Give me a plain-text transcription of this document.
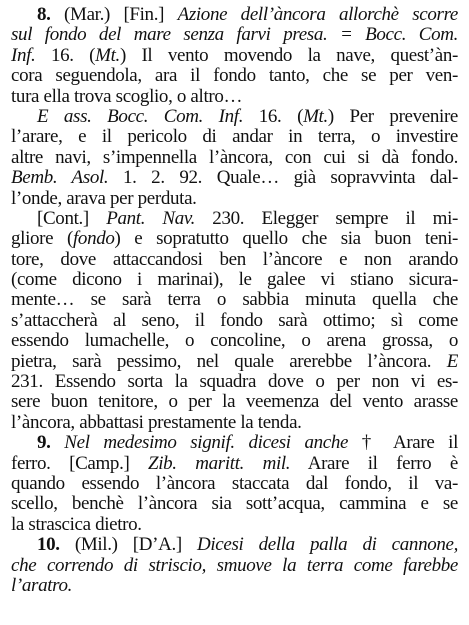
8. (Mar.) [Fin.] Azione dell’àncora allorchè scorre
sul fondo del mare senza farvi presa. = Bocc. Com.
Inf. 16. (Mt.) Il vento movendo la nave, quest’àn-
cora seguendola, ara il fondo tanto, che se per ven-
tura ella trova scoglio, o altro…
E ass. Bocc. Com. Inf. 16. (Mt.) Per prevenire
l’arare, e il pericolo di andar in terra, o investire
altre navi, s’impennella l’àncora, con cui si dà fondo.
Bemb. Asol. 1. 2. 92. Quale… già sopravvinta dal-
l’onde, arava per perduta.
[Cont.] Pant. Nav. 230. Elegger sempre il mi-
gliore (fondo) e sopratutto quello che sia buon teni-
tore, dove attaccandosi ben l’àncore e non arando
(come dicono i marinai), le galee vi stiano sicura-
mente… se sarà terra o sabbia minuta quella che
s’attaccherà al seno, il fondo sarà ottimo; sì come
essendo lumachelle, o concoline, o arena grossa, o
pietra, sarà pessimo, nel quale arerebbe l’àncora. E
231. Essendo sorta la squadra dove o per non vi es-
sere buon tenitore, o per la veemenza del vento arasse
l’àncora, abbattasi prestamente la tenda.
9. Nel medesimo signif. dicesi anche † Arare il
ferro. [Camp.] Zib. maritt. mil. Arare il ferro è
quando essendo l’àncora staccata dal fondo, il va-
scello, benchè l’àncora sia sott’acqua, cammina e se
la strascica dietro.
10. (Mil.) [D’A.] Dicesi della palla di cannone,
che correndo di striscio, smuove la terra come farebbe
l’aratro.
